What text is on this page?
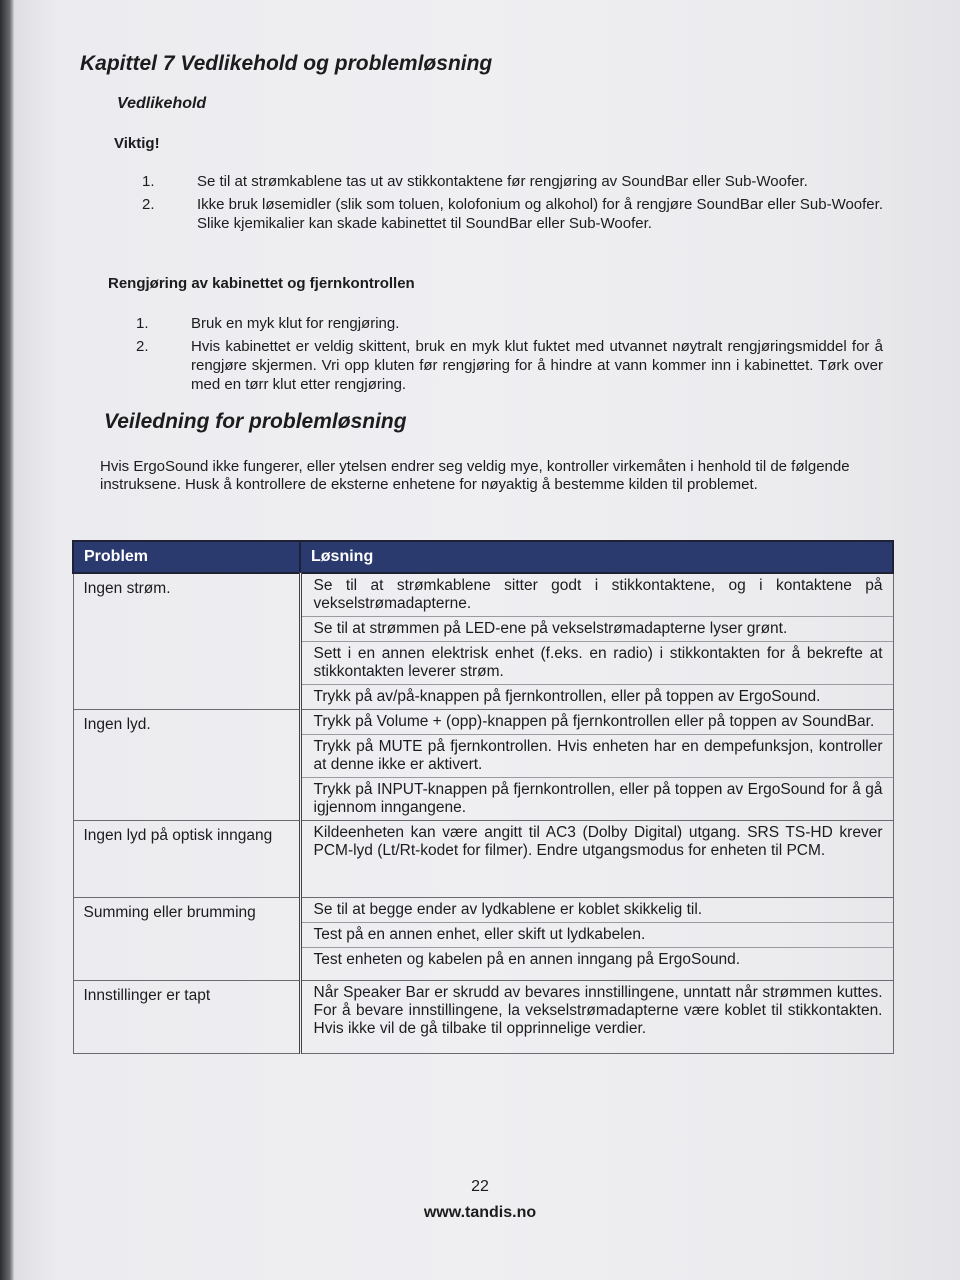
Kapittel 7 Vedlikehold og problemløsning
Vedlikehold
Viktig!
1.	Se til at strømkablene tas ut av stikkontaktene før rengjøring av SoundBar eller Sub-Woofer.
2.	Ikke bruk løsemidler (slik som toluen, kolofonium og alkohol) for å rengjøre SoundBar eller Sub-Woofer. Slike kjemikalier kan skade kabinettet til SoundBar eller Sub-Woofer.
Rengjøring av kabinettet og fjernkontrollen
1.	Bruk en myk klut for rengjøring.
2.	Hvis kabinettet er veldig skittent, bruk en myk klut fuktet med utvannet nøytralt rengjøringsmiddel for å rengjøre skjermen. Vri opp kluten før rengjøring for å hindre at vann kommer inn i kabinettet. Tørk over med en tørr klut etter rengjøring.
Veiledning for problemløsning
Hvis ErgoSound ikke fungerer, eller ytelsen endrer seg veldig mye, kontroller virkemåten i henhold til de følgende instruksene. Husk å kontrollere de eksterne enhetene for nøyaktig å bestemme kilden til problemet.
Problem	Løsning
Ingen strøm.	Se til at strømkablene sitter godt i stikkontaktene, og i kontaktene på vekselstrømadapterne.
Se til at strømmen på LED-ene på vekselstrømadapterne lyser grønt.
Sett i en annen elektrisk enhet (f.eks. en radio) i stikkontakten for å bekrefte at stikkontakten leverer strøm.
Trykk på av/på-knappen på fjernkontrollen, eller på toppen av ErgoSound.

Ingen lyd.	Trykk på Volume + (opp)-knappen på fjernkontrollen eller på toppen av SoundBar.
Trykk på MUTE på fjernkontrollen. Hvis enheten har en dempefunksjon, kontroller at denne ikke er aktivert.
Trykk på INPUT-knappen på fjernkontrollen, eller på toppen av ErgoSound for å gå igjennom inngangene.

Ingen lyd på optisk inngang	Kildeenheten kan være angitt til AC3 (Dolby Digital) utgang. SRS TS-HD krever PCM-lyd (Lt/Rt-kodet for filmer). Endre utgangsmodus for enheten til PCM.

Summing eller brumming	Se til at begge ender av lydkablene er koblet skikkelig til.
Test på en annen enhet, eller skift ut lydkabelen.
Test enheten og kabelen på en annen inngang på ErgoSound.

Innstillinger er tapt	Når Speaker Bar er skrudd av bevares innstillingene, unntatt når strømmen kuttes. For å bevare innstillingene, la vekselstrømadapterne være koblet til stikkontakten. Hvis ikke vil de gå tilbake til opprinnelige verdier.
22
www.tandis.no
